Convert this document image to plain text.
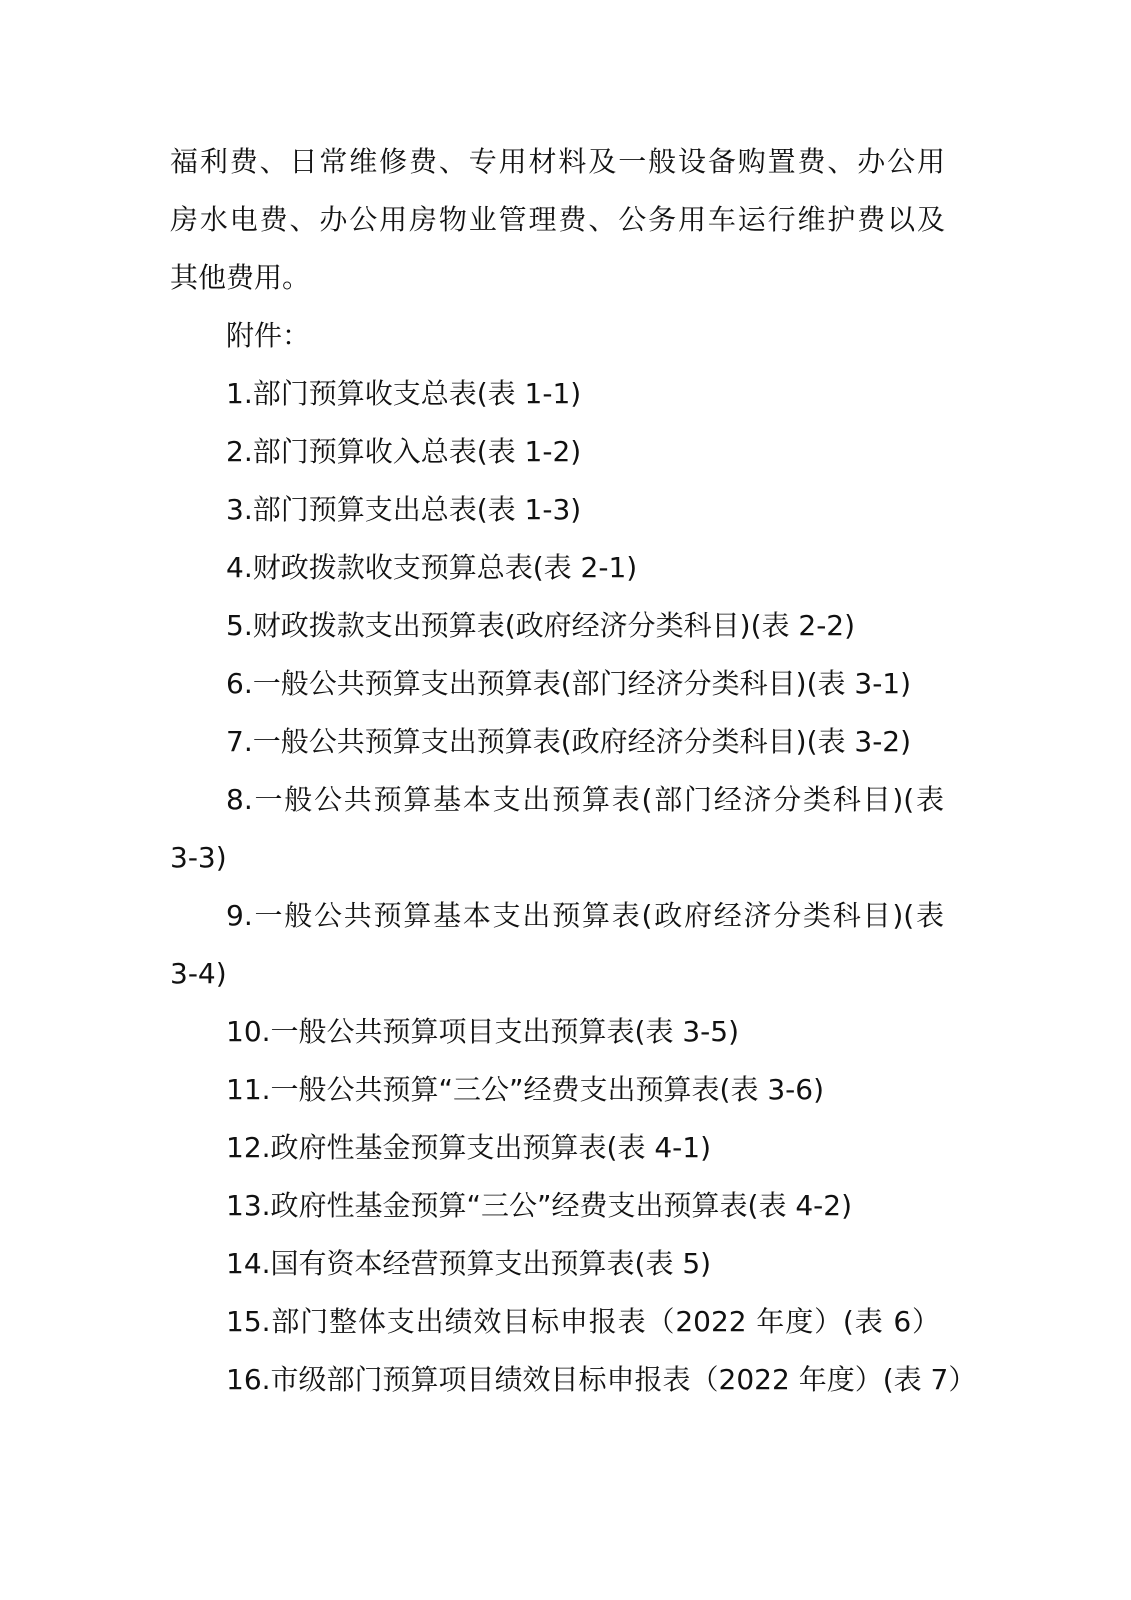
福利费、日常维修费、专用材料及一般设备购置费、办公用
房水电费、办公用房物业管理费、公务用车运行维护费以及
其他费用。
附件：
1.部门预算收支总表(表 1-1)
2.部门预算收入总表(表 1-2)
3.部门预算支出总表(表 1-3)
4.财政拨款收支预算总表(表 2-1)
5.财政拨款支出预算表(政府经济分类科目)(表 2-2)
6.一般公共预算支出预算表(部门经济分类科目)(表 3-1)
7.一般公共预算支出预算表(政府经济分类科目)(表 3-2)
8.一般公共预算基本支出预算表(部门经济分类科目)(表
3-3)
9.一般公共预算基本支出预算表(政府经济分类科目)(表
3-4)
10.一般公共预算项目支出预算表(表 3-5)
11.一般公共预算“三公”经费支出预算表(表 3-6)
12.政府性基金预算支出预算表(表 4-1)
13.政府性基金预算“三公”经费支出预算表(表 4-2)
14.国有资本经营预算支出预算表(表 5)
15.部门整体支出绩效目标申报表（2022 年度）(表 6）
16.市级部门预算项目绩效目标申报表（2022 年度）(表 7）
